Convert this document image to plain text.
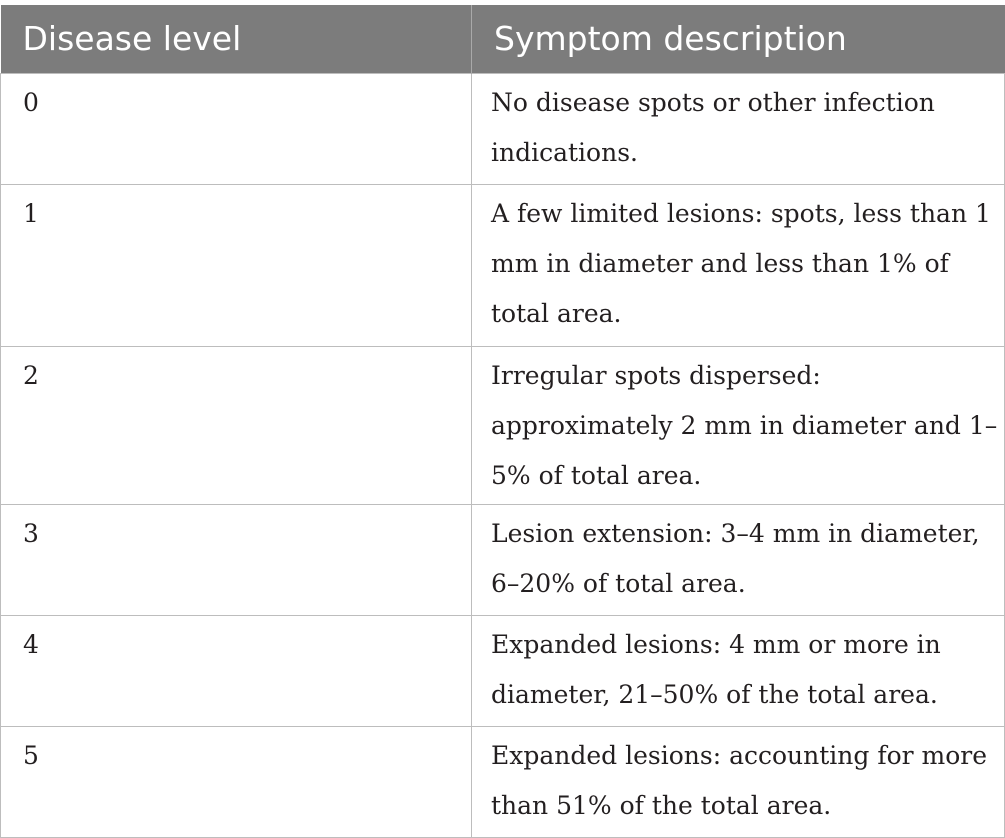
Disease level	Symptom description
0	No disease spots or other infection indications.
1	A few limited lesions: spots, less than 1 mm in diameter and less than 1% of total area.
2	Irregular spots dispersed: approximately 2 mm in diameter and 1–5% of total area.
3	Lesion extension: 3–4 mm in diameter, 6–20% of total area.
4	Expanded lesions: 4 mm or more in diameter, 21–50% of the total area.
5	Expanded lesions: accounting for more than 51% of the total area.
